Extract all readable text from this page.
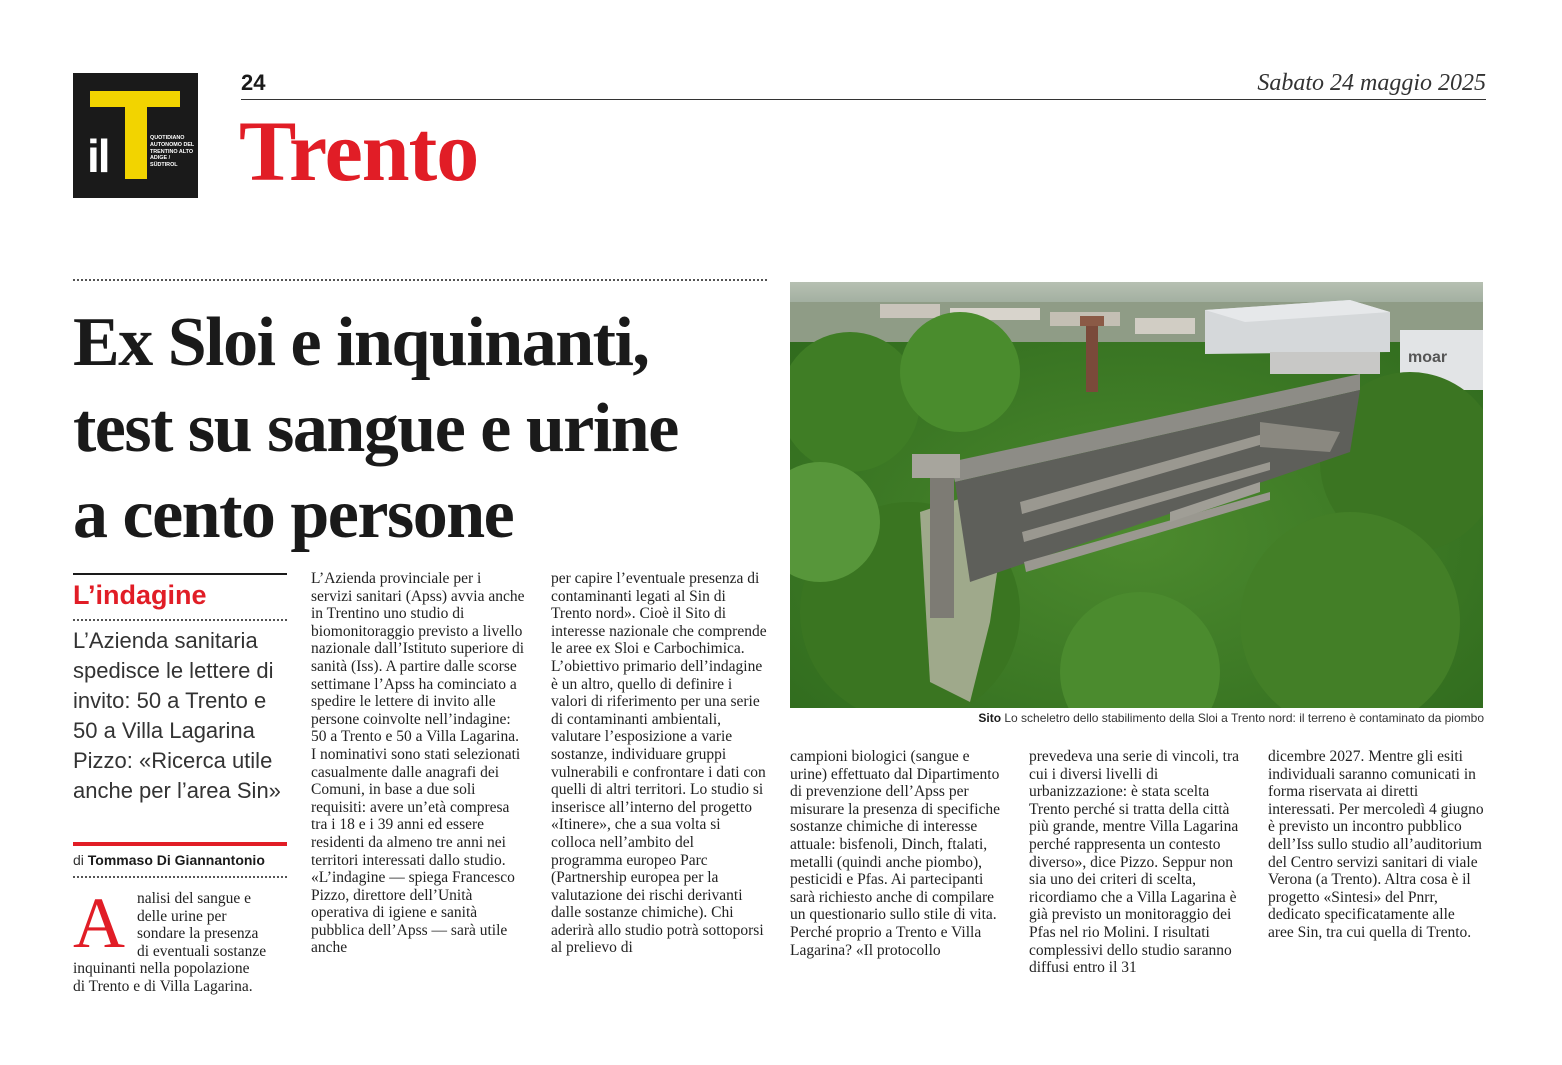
il	QUOTIDIANO AUTONOMO DEL TRENTINO ALTO ADIGE / SÜDTIROL
24	Sabato 24 maggio 2025
Trento
Ex Sloi e inquinanti,
test su sangue e urine
a cento persone
L’indagine
L’Azienda sanitaria spedisce le lettere di invito: 50 a Trento e 50 a Villa Lagarina Pizzo: «Ricerca utile anche per l’area Sin»
di Tommaso Di Giannantonio
A nalisi del sangue e
delle urine per
sondare la presenza
di eventuali sostanze
inquinanti nella popolazione
di Trento e di Villa Lagarina.
L’Azienda provinciale per i servizi sanitari (Apss) avvia anche in Trentino uno studio di biomonitoraggio previsto a livello nazionale dall’Istituto superiore di sanità (Iss). A partire dalle scorse settimane l’Apss ha cominciato a spedire le lettere di invito alle persone coinvolte nell’indagine: 50 a Trento e 50 a Villa Lagarina. I nominativi sono stati selezionati casualmente dalle anagrafi dei Comuni, in base a due soli requisiti: avere un’età compresa tra i 18 e i 39 anni ed essere residenti da almeno tre anni nei territori interessati dallo studio. «L’indagine — spiega Francesco Pizzo, direttore dell’Unità operativa di igiene e sanità pubblica dell’Apss — sarà utile anche
per capire l’eventuale presenza di contaminanti legati al Sin di Trento nord». Cioè il Sito di interesse nazionale che comprende le aree ex Sloi e Carbochimica. L’obiettivo primario dell’indagine è un altro, quello di definire i valori di riferimento per una serie di contaminanti ambientali, valutare l’esposizione a varie sostanze, individuare gruppi vulnerabili e confrontare i dati con quelli di altri territori. Lo studio si inserisce all’interno del progetto «Itinere», che a sua volta si colloca nell’ambito del programma europeo Parc (Partnership europea per la valutazione dei rischi derivanti dalle sostanze chimiche). Chi aderirà allo studio potrà sottoporsi al prelievo di
campioni biologici (sangue e urine) effettuato dal Dipartimento di prevenzione dell’Apss per misurare la presenza di specifiche sostanze chimiche di interesse attuale: bisfenoli, Dinch, ftalati, metalli (quindi anche piombo), pesticidi e Pfas. Ai partecipanti sarà richiesto anche di compilare un questionario sullo stile di vita. Perché proprio a Trento e Villa Lagarina? «Il protocollo
prevedeva una serie di vincoli, tra cui i diversi livelli di urbanizzazione: è stata scelta Trento perché si tratta della città più grande, mentre Villa Lagarina perché rappresenta un contesto diverso», dice Pizzo. Seppur non sia uno dei criteri di scelta, ricordiamo che a Villa Lagarina è già previsto un monitoraggio dei Pfas nel rio Molini. I risultati complessivi dello studio saranno diffusi entro il 31
dicembre 2027. Mentre gli esiti individuali saranno comunicati in forma riservata ai diretti interessati. Per mercoledì 4 giugno è previsto un incontro pubblico dell’Iss sullo studio all’auditorium del Centro servizi sanitari di viale Verona (a Trento). Altra cosa è il progetto «Sintesi» del Pnrr, dedicato specificatamente alle aree Sin, tra cui quella di Trento.
moar
Sito Lo scheletro dello stabilimento della Sloi a Trento nord: il terreno è contaminato da piombo
